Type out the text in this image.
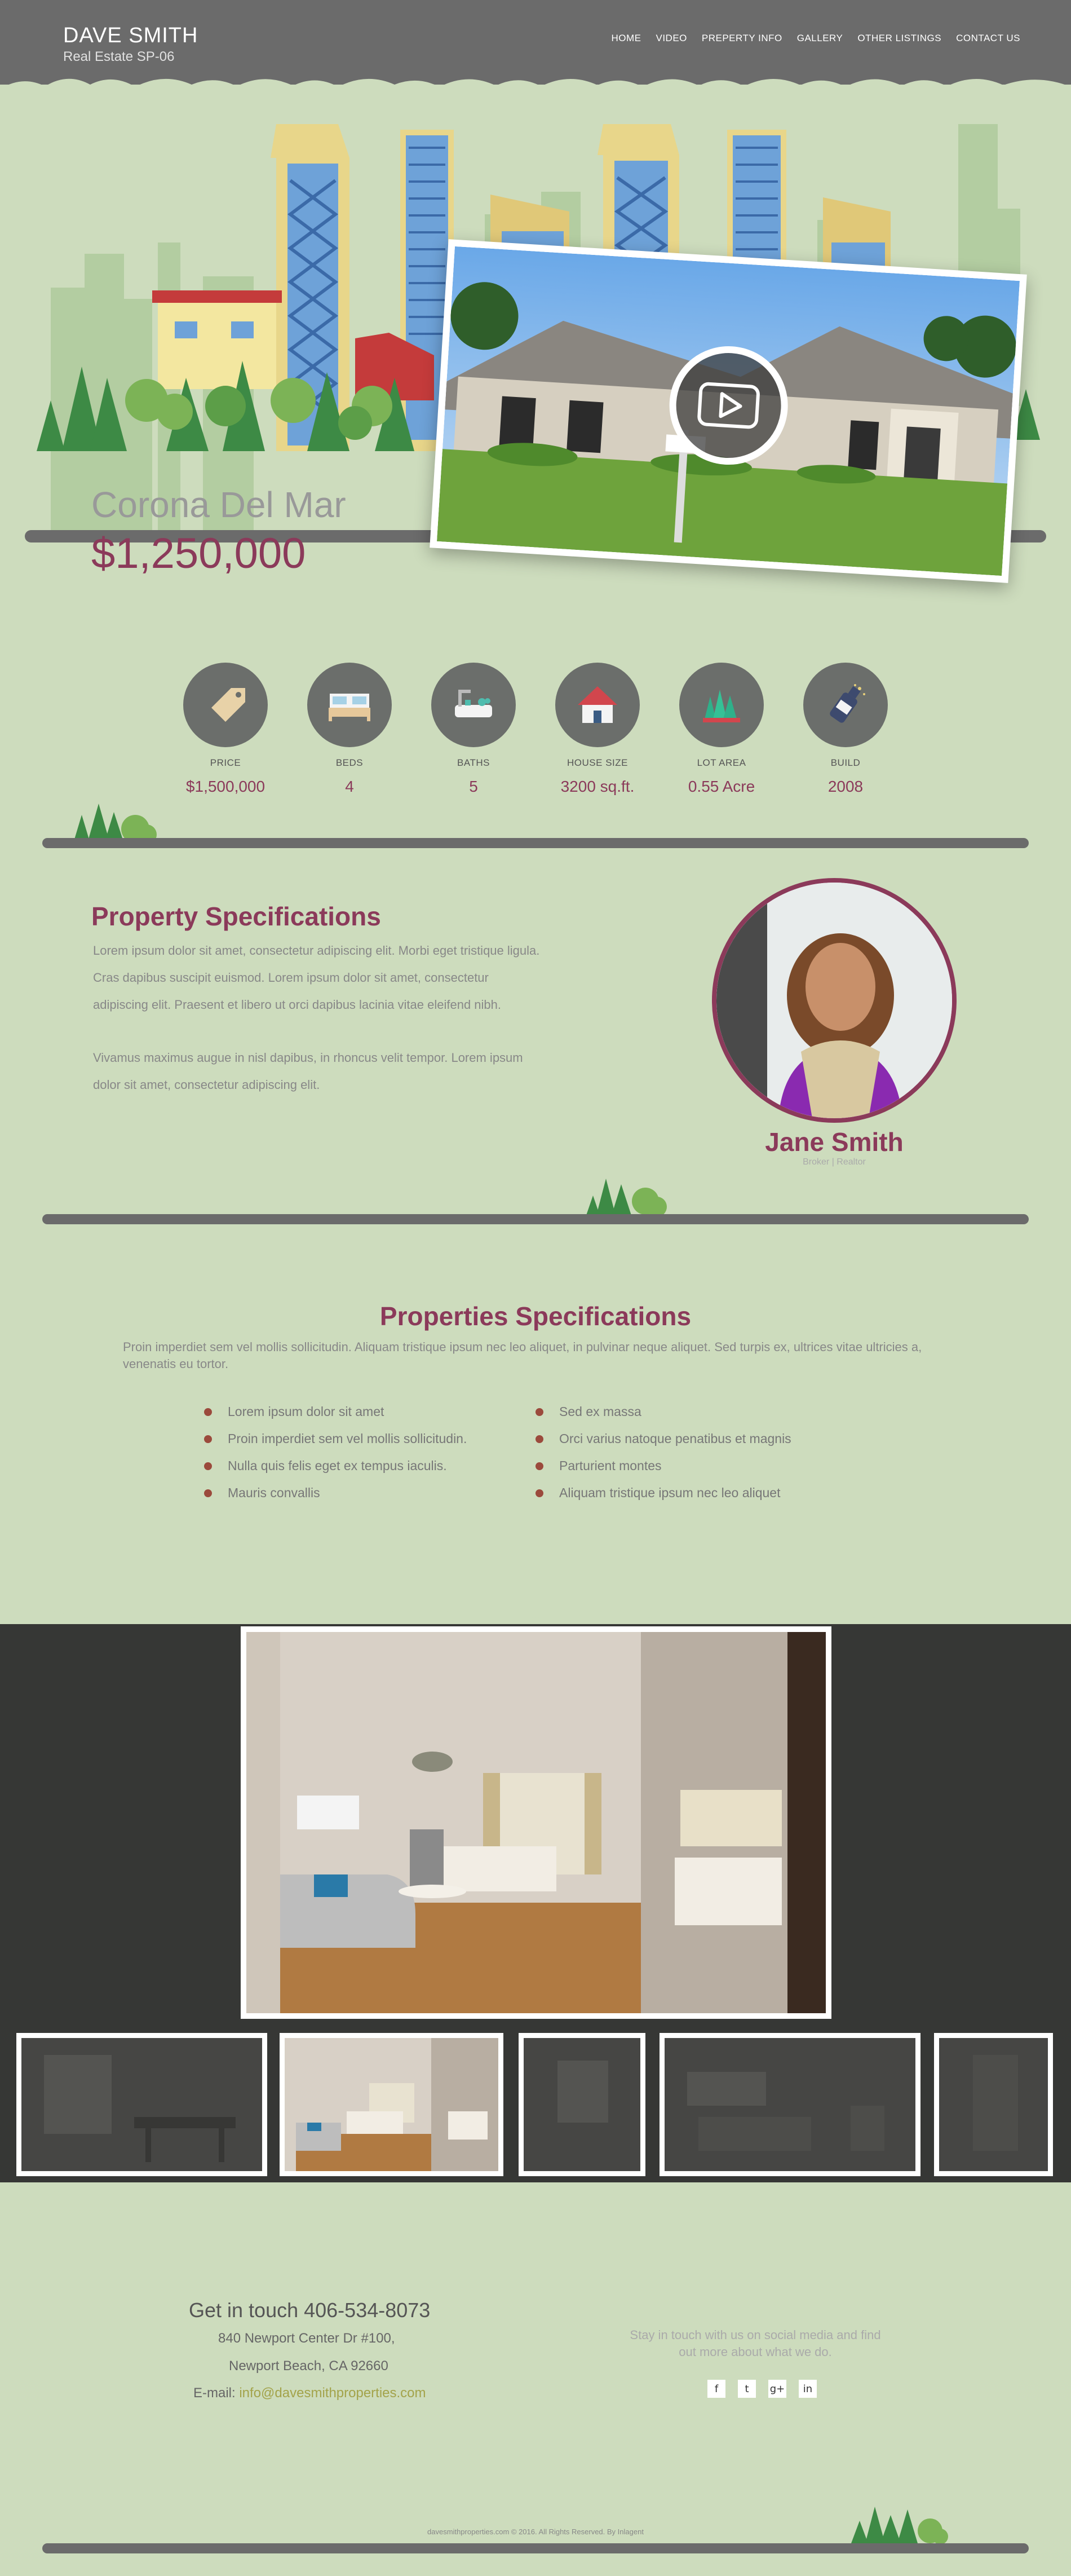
DAVE SMITH
Real Estate SP-06
HOME VIDEO PREPERTY INFO GALLERY OTHER LISTINGS CONTACT US
Corona Del Mar
$1,250,000
PRICE
$1,500,000
BEDS
4
BATHS
5
HOUSE SIZE
3200 sq.ft.
LOT AREA
0.55 Acre
BUILD
2008
Property Specifications
Lorem ipsum dolor sit amet, consectetur adipiscing elit. Morbi eget tristique ligula.
Cras dapibus suscipit euismod. Lorem ipsum dolor sit amet, consectetur
adipiscing elit. Praesent et libero ut orci dapibus lacinia vitae eleifend nibh.
Vivamus maximus augue in nisl dapibus, in rhoncus velit tempor. Lorem ipsum
dolor sit amet, consectetur adipiscing elit.
Jane Smith
Broker | Realtor
Properties Specifications
Proin imperdiet sem vel mollis sollicitudin. Aliquam tristique ipsum nec leo aliquet, in pulvinar neque aliquet. Sed turpis ex, ultrices vitae ultricies a, venenatis eu tortor.
Lorem ipsum dolor sit amet
Proin imperdiet sem vel mollis sollicitudin.
Nulla quis felis eget ex tempus iaculis.
Mauris convallis
Sed ex massa
Orci varius natoque penatibus et magnis
Parturient montes
Aliquam tristique ipsum nec leo aliquet
Get in touch 406-534-8073
840 Newport Center Dr #100,
Newport Beach, CA 92660
E-mail: info@davesmithproperties.com
Stay in touch with us on social media and find out more about what we do.
f	t	g+	in
davesmithproperties.com © 2016. All Rights Reserved. By Inlagent
